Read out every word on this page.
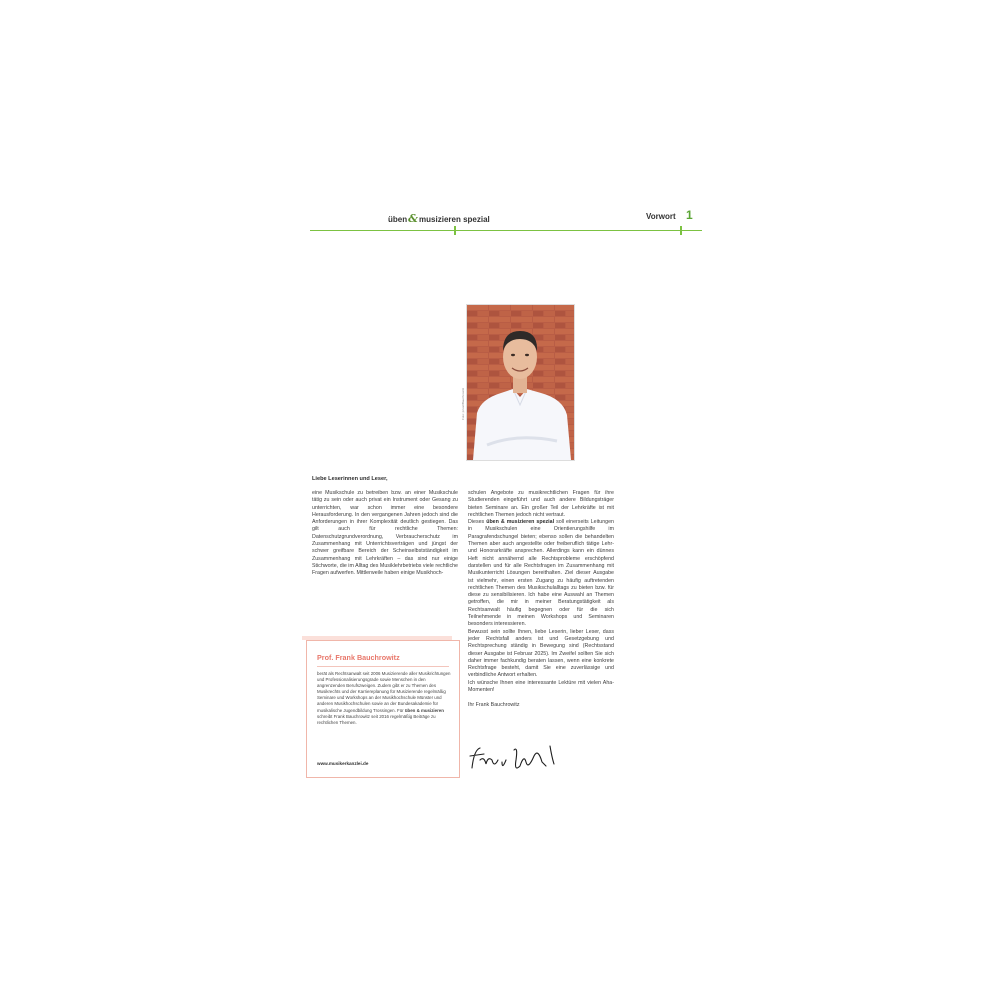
üben&musizieren spezial	Vorwort 1
Foto: privat/Bauchrowitz
Liebe Leserinnen und Leser,

eine Musikschule zu betreiben bzw. an einer Musikschule tätig zu sein oder auch privat ein Instrument oder Gesang zu unterrichten, war schon immer eine besondere Herausforderung. In den vergangenen Jahren jedoch sind die Anforderungen in ihrer Komplexität deutlich gestiegen. Das gilt auch für rechtliche Themen: Datenschutzgrundverordnung, Verbraucherschutz im Zusammenhang mit Unterrichtsverträgen und jüngst der schwer greifbare Bereich der Scheinselbstständigkeit im Zusammenhang mit Lehrkräften – das sind nur einige Stichworte, die im Alltag des Musiklehrbetriebs viele rechtliche Fragen aufwerfen. Mittlerweile haben einige Musikhoch-

schulen Angebote zu musikrechtlichen Fragen für ihre Studierenden eingeführt und auch andere Bildungsträger bieten Seminare an. Ein großer Teil der Lehrkräfte ist mit rechtlichen Themen jedoch nicht vertraut.

Dieses üben & musizieren spezial soll einerseits Leitungen in Musikschulen eine Orientierungshilfe im Paragrafendschungel bieten; ebenso sollen die behandelten Themen aber auch angestellte oder freiberuflich tätige Lehr- und Honorarkräfte ansprechen. Allerdings kann ein dünnes Heft nicht annähernd alle Rechtsprobleme erschöpfend darstellen und für alle Rechtsfragen im Zusammenhang mit Musikunterricht Lösungen bereithalten. Ziel dieser Ausgabe ist vielmehr, einen ersten Zugang zu häufig auftretenden rechtlichen Themen des Musikschulalltags zu bieten bzw. für diese zu sensibilisieren. Ich habe eine Auswahl an Themen getroffen, die mir in meiner Beratungstätigkeit als Rechtsanwalt häufig begegnen oder für die sich Teilnehmende in meinen Workshops und Seminaren besonders interessieren.

Bewusst sein sollte Ihnen, liebe Leserin, lieber Leser, dass jeder Rechtsfall anders ist und Gesetzgebung und Rechtsprechung ständig in Bewegung sind (Rechtsstand dieser Ausgabe ist Februar 2025). Im Zweifel sollten Sie sich daher immer fachkundig beraten lassen, wenn eine konkrete Rechtsfrage besteht, damit Sie eine zuverlässige und verbindliche Antwort erhalten.

Ich wünsche Ihnen eine interessante Lektüre mit vielen Aha-Momenten!

Ihr Frank Bauchrowitz

Prof. Frank Bauchrowitz

berät als Rechtsanwalt seit 2006 Musizierende aller Musikrichtungen und Professionalisierungsgrade sowie Menschen in den angrenzenden Berufszweigen. Zudem gibt er zu Themen des Musikrechts und der Karriereplanung für Musizierende regelmäßig Seminare und Workshops an der Musikhochschule Münster und anderen Musikhochschulen sowie an der Bundesakademie für musikalische Jugendbildung Trossingen. Für üben & musizieren schreibt Frank Bauchrowitz seit 2016 regelmäßig Beiträge zu rechtlichen Themen.

www.musikerkanzlei.de
